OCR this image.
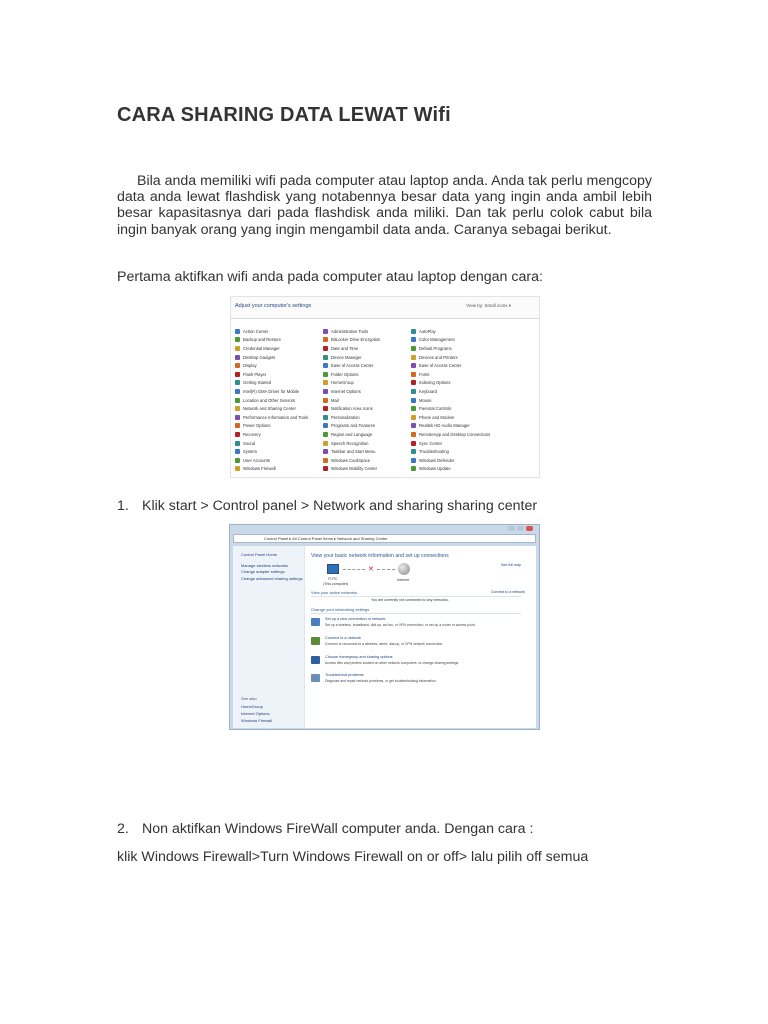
CARA SHARING DATA LEWAT Wifi

Bila anda memiliki wifi pada computer atau laptop anda. Anda tak perlu mengcopy data anda lewat flashdisk yang notabennya besar data yang ingin anda ambil lebih besar kapasitasnya dari pada flashdisk anda miliki. Dan tak perlu colok cabut bila ingin banyak orang yang ingin mengambil data anda. Caranya sebagai berikut.

Pertama aktifkan wifi anda pada computer atau laptop dengan cara:
Adjust your computer's settings	View by: Small icons ▾
Action Center
Backup and Restore
Credential Manager
Desktop Gadgets
Display
Flash Player
Getting Started
Intel(R) GMA Driver for Mobile
Location and Other Sensors
Network and Sharing Center
Performance Information and Tools
Power Options
Recovery
Sound
System
User Accounts
Windows Firewall
Administrative Tools
BitLocker Drive Encryption
Date and Time
Device Manager
Ease of Access Center
Folder Options
HomeGroup
Internet Options
Mail
Notification Area Icons
Personalization
Programs and Features
Region and Language
Speech Recognition
Taskbar and Start Menu
Windows CardSpace
Windows Mobility Center
AutoPlay
Color Management
Default Programs
Devices and Printers
Ease of Access Center
Fonts
Indexing Options
Keyboard
Mouse
Parental Controls
Phone and Modem
Realtek HD Audio Manager
RemoteApp and Desktop Connections
Sync Center
Troubleshooting
Windows Defender
Windows Update
1. Klik start > Control panel > Network and sharing sharing center
Control Panel ▸ All Control Panel Items ▸ Network and Sharing Center
Control Panel Home
Manage wireless networks
Change adapter settings
Change advanced sharing settings
See also
HomeGroup
Internet Options
Windows Firewall
View your basic network information and set up connections
See full map
✕
IT-PC
(This computer)
Internet
View your active networks	Connect to a network
You are currently not connected to any networks.
Change your networking settings
Set up a new connection or network
Set up a wireless, broadband, dial-up, ad hoc, or VPN connection; or set up a router or access point.
Connect to a network
Connect or reconnect to a wireless, wired, dial-up, or VPN network connection.
Choose homegroup and sharing options
Access files and printers located on other network computers, or change sharing settings.
Troubleshoot problems
Diagnose and repair network problems, or get troubleshooting information.
2. Non aktifkan Windows FireWall computer anda. Dengan cara :
klik Windows Firewall>Turn Windows Firewall on or off> lalu pilih off semua
